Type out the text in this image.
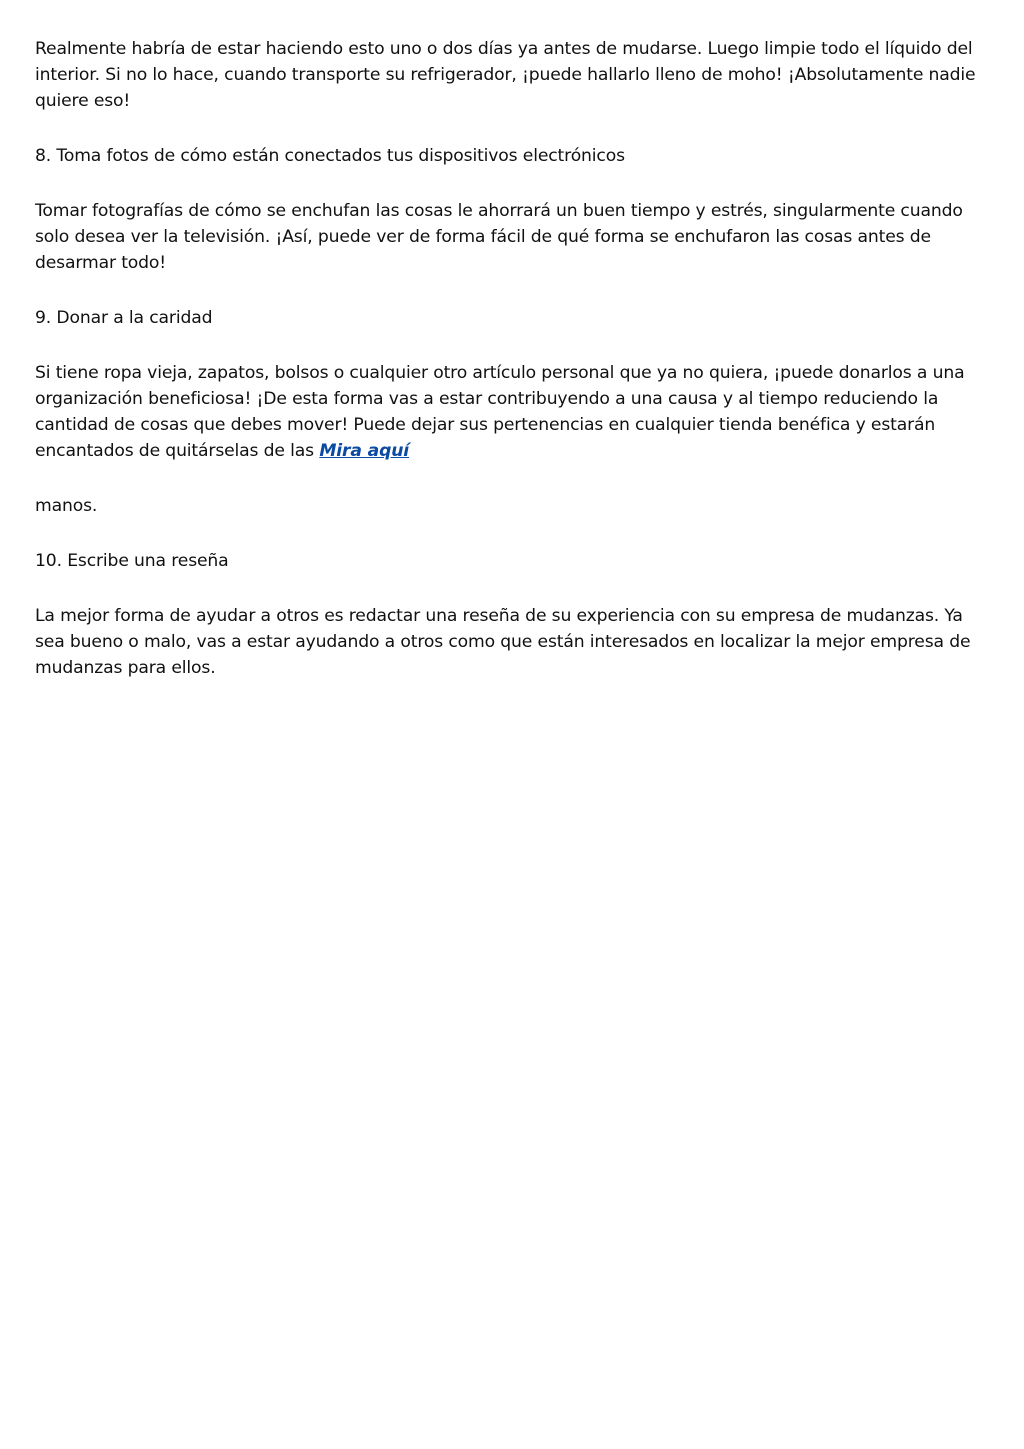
Realmente habría de estar haciendo esto uno o dos días ya antes de mudarse. Luego limpie todo el líquido del interior. Si no lo hace, cuando transporte su refrigerador, ¡puede hallarlo lleno de moho! ¡Absolutamente nadie quiere eso!

8. Toma fotos de cómo están conectados tus dispositivos electrónicos

Tomar fotografías de cómo se enchufan las cosas le ahorrará un buen tiempo y estrés, singularmente cuando solo desea ver la televisión. ¡Así, puede ver de forma fácil de qué forma se enchufaron las cosas antes de desarmar todo!

9. Donar a la caridad

Si tiene ropa vieja, zapatos, bolsos o cualquier otro artículo personal que ya no quiera, ¡puede donarlos a una organización beneficiosa! ¡De esta forma vas a estar contribuyendo a una causa y al tiempo reduciendo la cantidad de cosas que debes mover! Puede dejar sus pertenencias en cualquier tienda benéfica y estarán encantados de quitárselas de las Mira aquí

manos.

10. Escribe una reseña

La mejor forma de ayudar a otros es redactar una reseña de su experiencia con su empresa de mudanzas. Ya sea bueno o malo, vas a estar ayudando a otros como que están interesados en localizar la mejor empresa de mudanzas para ellos.
